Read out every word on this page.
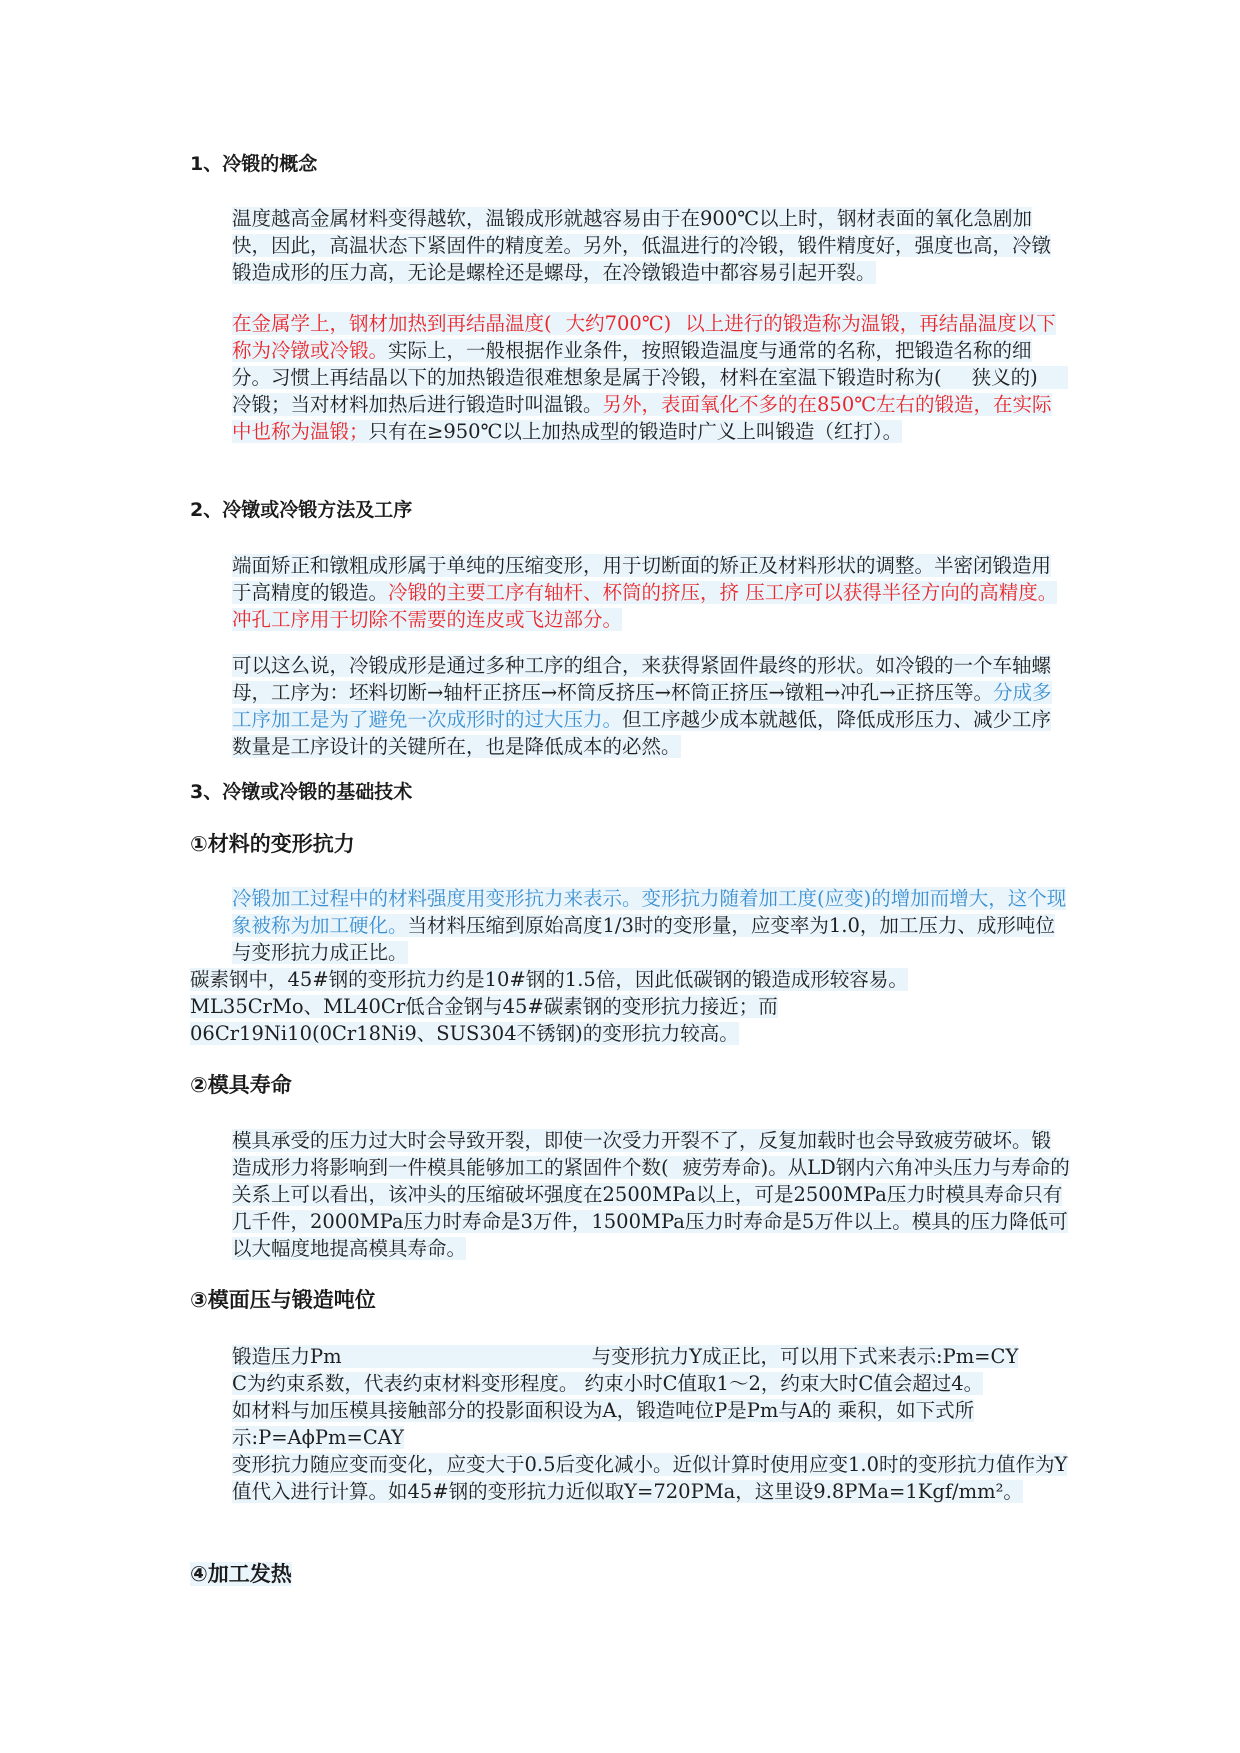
1、冷锻的概念

温度越高金属材料变得越软，温锻成形就越容易由于在900℃以上时，钢材表面的氧化急剧加快，因此，高温状态下紧固件的精度差。另外，低温进行的冷锻，锻件精度好，强度也高，冷镦锻造成形的压力高，无论是螺栓还是螺母，在冷镦锻造中都容易引起开裂。

在金属学上，钢材加热到再结晶温度( 大约700℃) 以上进行的锻造称为温锻，再结晶温度以下称为冷镦或冷锻。实际上，一般根据作业条件，按照锻造温度与通常的名称，把锻造名称的细分。习惯上再结晶以下的加热锻造很难想象是属于冷锻，材料在室温下锻造时称为( 狭义的)冷锻；当对材料加热后进行锻造时叫温锻。另外，表面氧化不多的在850℃左右的锻造，在实际中也称为温锻；只有在≥950℃以上加热成型的锻造时广义上叫锻造（红打）。

2、冷镦或冷锻方法及工序

端面矫正和镦粗成形属于单纯的压缩变形，用于切断面的矫正及材料形状的调整。半密闭锻造用于高精度的锻造。冷锻的主要工序有轴杆、杯筒的挤压，挤 压工序可以获得半径方向的高精度。冲孔工序用于切除不需要的连皮或飞边部分。

可以这么说，冷锻成形是通过多种工序的组合，来获得紧固件最终的形状。如冷锻的一个车轴螺母，工序为：坯料切断→轴杆正挤压→杯筒反挤压→杯筒正挤压→镦粗→冲孔→正挤压等。分成多工序加工是为了避免一次成形时的过大压力。但工序越少成本就越低，降低成形压力、减少工序数量是工序设计的关键所在，也是降低成本的必然。

3、冷镦或冷锻的基础技术
①材料的变形抗力

冷锻加工过程中的材料强度用变形抗力来表示。变形抗力随着加工度(应变)的增加而增大，这个现象被称为加工硬化。当材料压缩到原始高度1/3时的变形量，应变率为1.0，加工压力、成形吨位与变形抗力成正比。

碳素钢中，45#钢的变形抗力约是10#钢的1.5倍，因此低碳钢的锻造成形较容易。

ML35CrMo、ML40Cr低合金钢与45#碳素钢的变形抗力接近；而

06Cr19Ni10(0Cr18Ni9、SUS304不锈钢)的变形抗力较高。

②模具寿命

模具承受的压力过大时会导致开裂，即使一次受力开裂不了，反复加载时也会导致疲劳破坏。锻造成形力将影响到一件模具能够加工的紧固件个数( 疲劳寿命)。从LD钢内六角冲头压力与寿命的关系上可以看出，该冲头的压缩破坏强度在2500MPa以上，可是2500MPa压力时模具寿命只有几千件，2000MPa压力时寿命是3万件，1500MPa压力时寿命是5万件以上。模具的压力降低可以大幅度地提高模具寿命。

③模面压与锻造吨位

锻造压力Pm	与变形抗力Y成正比，可以用下式来表示:Pm=CY

C为约束系数，代表约束材料变形程度。 约束小时C值取1～2，约束大时C值会超过4。

如材料与加压模具接触部分的投影面积设为A，锻造吨位P是Pm与A的 乘积，如下式所示:P=AϕPm=CAY

变形抗力随应变而变化，应变大于0.5后变化减小。近似计算时使用应变1.0时的变形抗力值作为Y值代入进行计算。如45#钢的变形抗力近似取Y=720PMa，这里设9.8PMa=1Kgf/mm²。

④加工发热
